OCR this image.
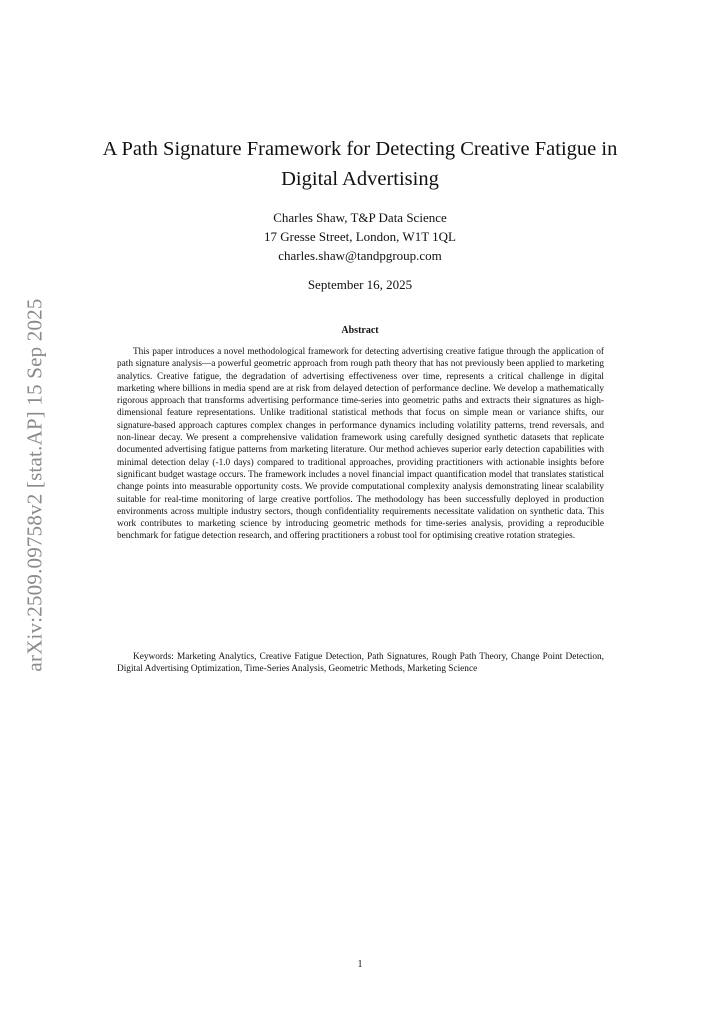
arXiv:2509.09758v2 [stat.AP] 15 Sep 2025
A Path Signature Framework for Detecting Creative Fatigue in Digital Advertising
Charles Shaw, T&P Data Science
17 Gresse Street, London, W1T 1QL
charles.shaw@tandpgroup.com
September 16, 2025
Abstract

This paper introduces a novel methodological framework for detecting advertising creative fatigue through the application of path signature analysis—a powerful geometric approach from rough path theory that has not previously been applied to marketing analytics. Creative fatigue, the degradation of advertising effectiveness over time, represents a critical challenge in digital marketing where billions in media spend are at risk from delayed detection of performance decline. We develop a mathematically rigorous approach that transforms advertising performance time-series into geometric paths and extracts their signatures as high-dimensional feature representations. Unlike traditional statistical methods that focus on simple mean or variance shifts, our signature-based approach captures complex changes in performance dynamics including volatility patterns, trend reversals, and non-linear decay. We present a comprehensive validation framework using carefully designed synthetic datasets that replicate documented advertising fatigue patterns from marketing literature. Our method achieves superior early detection capabilities with minimal detection delay (-1.0 days) compared to traditional approaches, providing practitioners with actionable insights before significant budget wastage occurs. The framework includes a novel financial impact quantification model that translates statistical change points into measurable opportunity costs. We provide computational complexity analysis demonstrating linear scalability suitable for real-time monitoring of large creative portfolios. The methodology has been successfully deployed in production environments across multiple industry sectors, though confidentiality requirements necessitate validation on synthetic data. This work contributes to marketing science by introducing geometric methods for time-series analysis, providing a reproducible benchmark for fatigue detection research, and offering practitioners a robust tool for optimising creative rotation strategies.

Keywords: Marketing Analytics, Creative Fatigue Detection, Path Signatures, Rough Path Theory, Change Point Detection, Digital Advertising Optimization, Time-Series Analysis, Geometric Methods, Marketing Science

1
